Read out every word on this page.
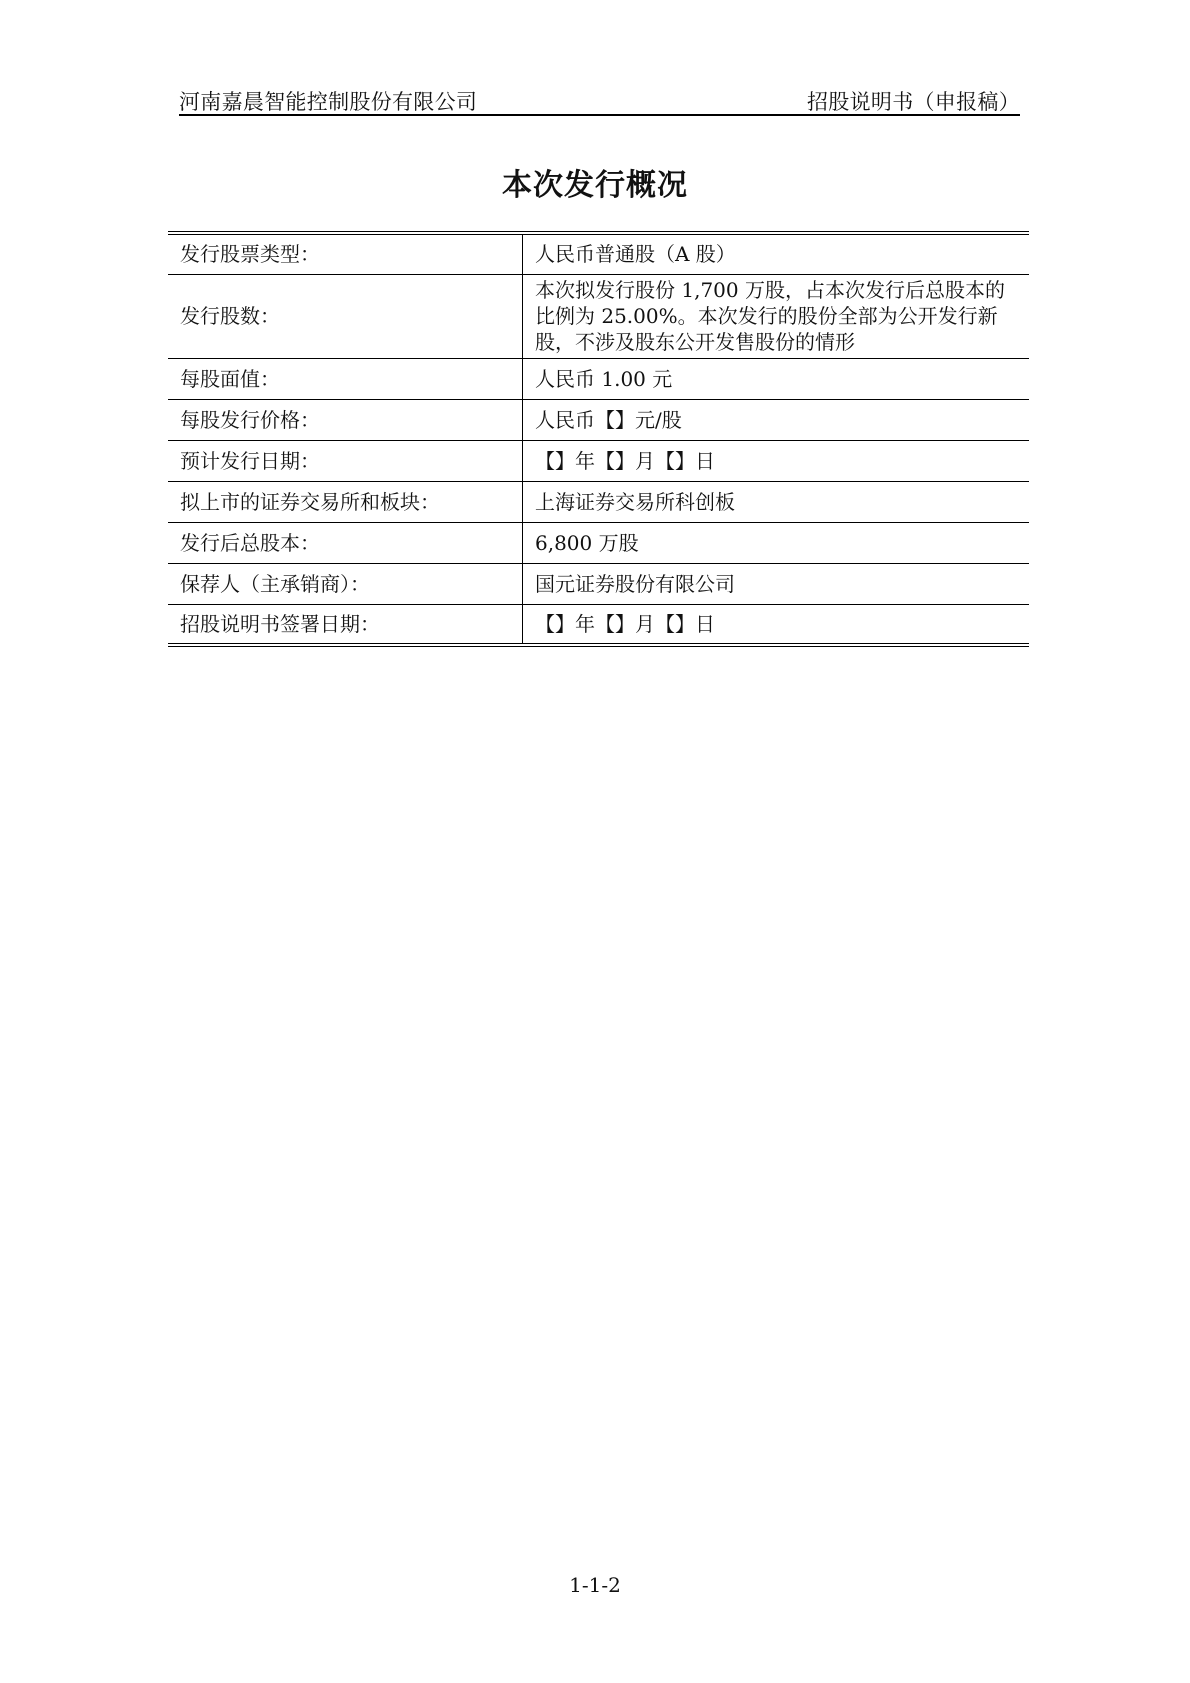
河南嘉晨智能控制股份有限公司	招股说明书（申报稿）
本次发行概况
发行股票类型：	人民币普通股（A 股）
发行股数：	本次拟发行股份 1,700 万股，占本次发行后总股本的比例为 25.00%。本次发行的股份全部为公开发行新股，不涉及股东公开发售股份的情形
每股面值：	人民币 1.00 元
每股发行价格：	人民币【】元/股
预计发行日期：	【】年【】月【】日
拟上市的证券交易所和板块：	上海证券交易所科创板
发行后总股本：	6,800 万股
保荐人（主承销商）：	国元证券股份有限公司
招股说明书签署日期：	【】年【】月【】日
1-1-2
